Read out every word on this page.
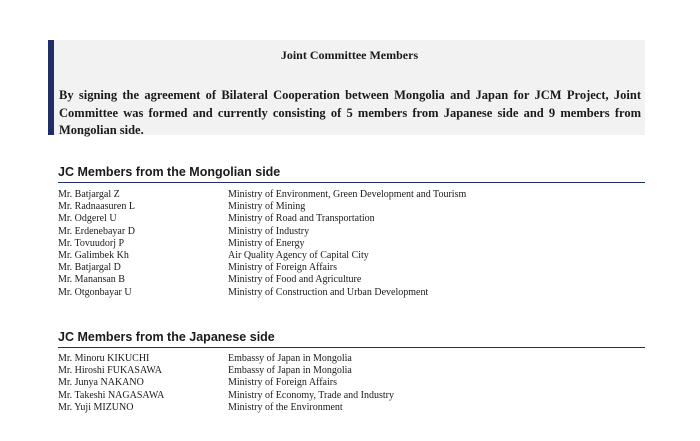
Joint Committee Members
By signing the agreement of Bilateral Cooperation between Mongolia and Japan for JCM Project, Joint Committee was formed and currently consisting of 5 members from Japanese side and 9 members from Mongolian side.
JC Members from the Mongolian side
Mr. Batjargal Z	Ministry of Environment, Green Development and Tourism
Mr. Radnaasuren L	Ministry of Mining
Mr. Odgerel U	Ministry of Road and Transportation
Mr. Erdenebayar D	Ministry of Industry
Mr. Tovuudorj P	Ministry of Energy
Mr. Galimbek Kh	Air Quality Agency of Capital City
Mr. Batjargal D	Ministry of Foreign Affairs
Mr. Manansan B	Ministry of Food and Agriculture
Mr. Otgonbayar U	Ministry of Construction and Urban Development
JC Members from the Japanese side
Mr. Minoru KIKUCHI	Embassy of Japan in Mongolia
Mr. Hiroshi FUKASAWA	Embassy of Japan in Mongolia
Mr. Junya NAKANO	Ministry of Foreign Affairs
Mr. Takeshi NAGASAWA	Ministry of Economy, Trade and Industry
Mr. Yuji MIZUNO	Ministry of the Environment
